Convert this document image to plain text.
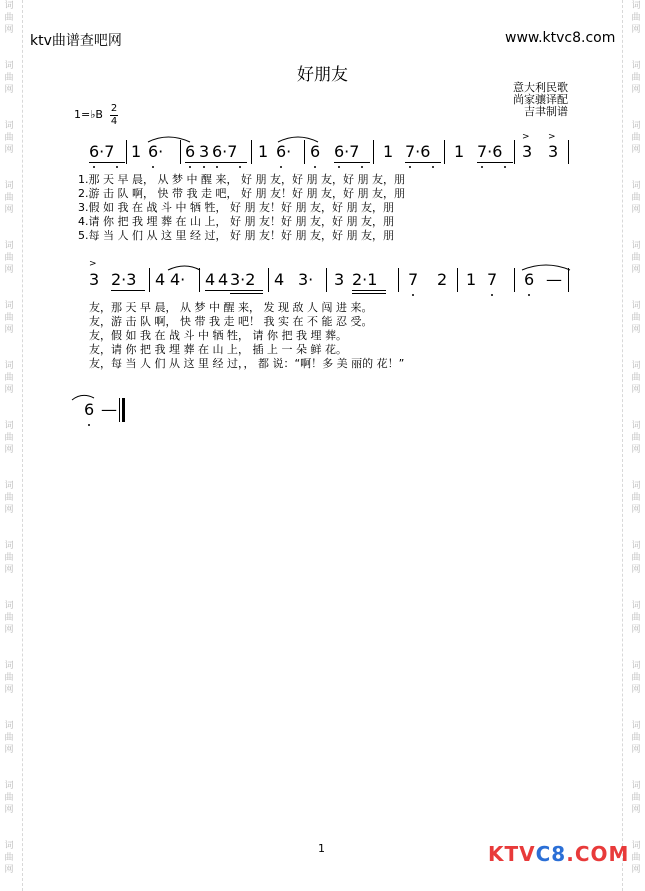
词
曲
网
词
曲
网
词
曲
网
词
曲
网
词
曲
网
词
曲
网
词
曲
网
词
曲
网
词
曲
网
词
曲
网
词
曲
网
词
曲
网
词
曲
网
词
曲
网
词
曲
网
词
曲
网
词
曲
网
词
曲
网
词
曲
网
词
曲
网
词
曲
网
词
曲
网
词
曲
网
词
曲
网
词
曲
网
词
曲
网
词
曲
网
词
曲
网
词
曲
网
词
曲
网
ktv曲谱查吧网	www.ktvc8.com
好朋友
意大利民歌
尚家骧译配
吉聿制谱
1=♭B 2
4
> >
6·7 1 6· 6 3 6·7 1 6· 6 6·7 1 7·6 1 7·6 3 3
1.那 天 早 晨， 从 梦 中 醒 来， 好 朋 友，好 朋 友，好 朋 友，朋
2.游 击 队 啊， 快 带 我 走 吧， 好 朋 友！好 朋 友，好 朋 友，朋
3.假 如 我 在 战 斗 中 牺 牲， 好 朋 友！好 朋 友，好 朋 友，朋
4.请 你 把 我 埋 葬 在 山 上， 好 朋 友！好 朋 友，好 朋 友，朋
5.每 当 人 们 从 这 里 经 过， 好 朋 友！好 朋 友，好 朋 友，朋
>
3 2·3 4 4· 4 4 3·2 4 3· 3 2·1 7 2 1 7 6 —
友，那 天 早 晨， 从 梦 中 醒 来， 发 现 敌 人 闯 进 来。
友，游 击 队 啊， 快 带 我 走 吧！ 我 实 在 不 能 忍 受。
友，假 如 我 在 战 斗 中 牺 牲， 请 你 把 我 埋 葬。
友，请 你 把 我 埋 葬 在 山 上， 插 上 一 朵 鲜 花。
友，每 当 人 们 从 这 里 经 过，， 都 说：“啊！多 美 丽的 花！”
6 —
1	KTVC8.COM
